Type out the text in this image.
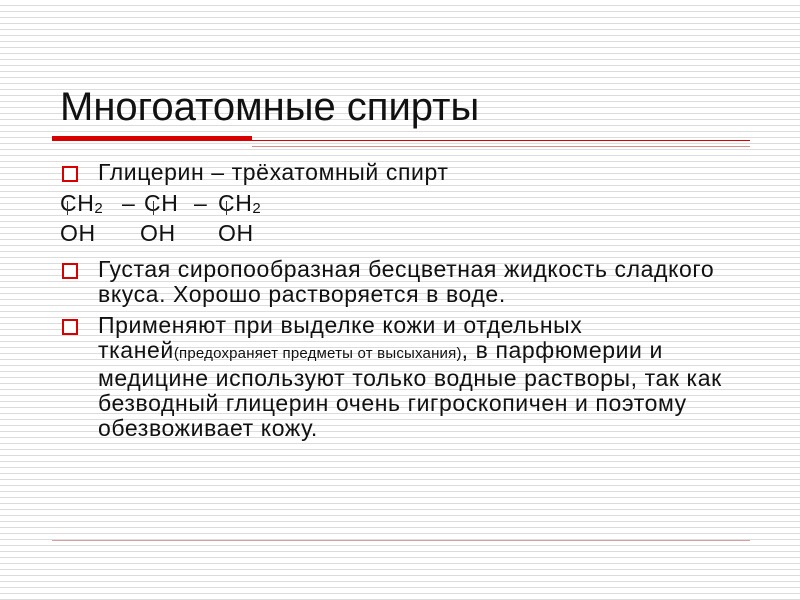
Многоатомные спирты
Глицерин – трёхатомный спирт
CH2 – CH – CH2
OH OH OH
Густая сиропообразная бесцветная жидкость сладкого вкуса. Хорошо растворяется в воде.
Применяют при выделке кожи и отдельных тканей(предохраняет предметы от высыхания), в парфюмерии и медицине используют только водные растворы, так как безводный глицерин очень гигроскопичен и поэтому обезвоживает кожу.
